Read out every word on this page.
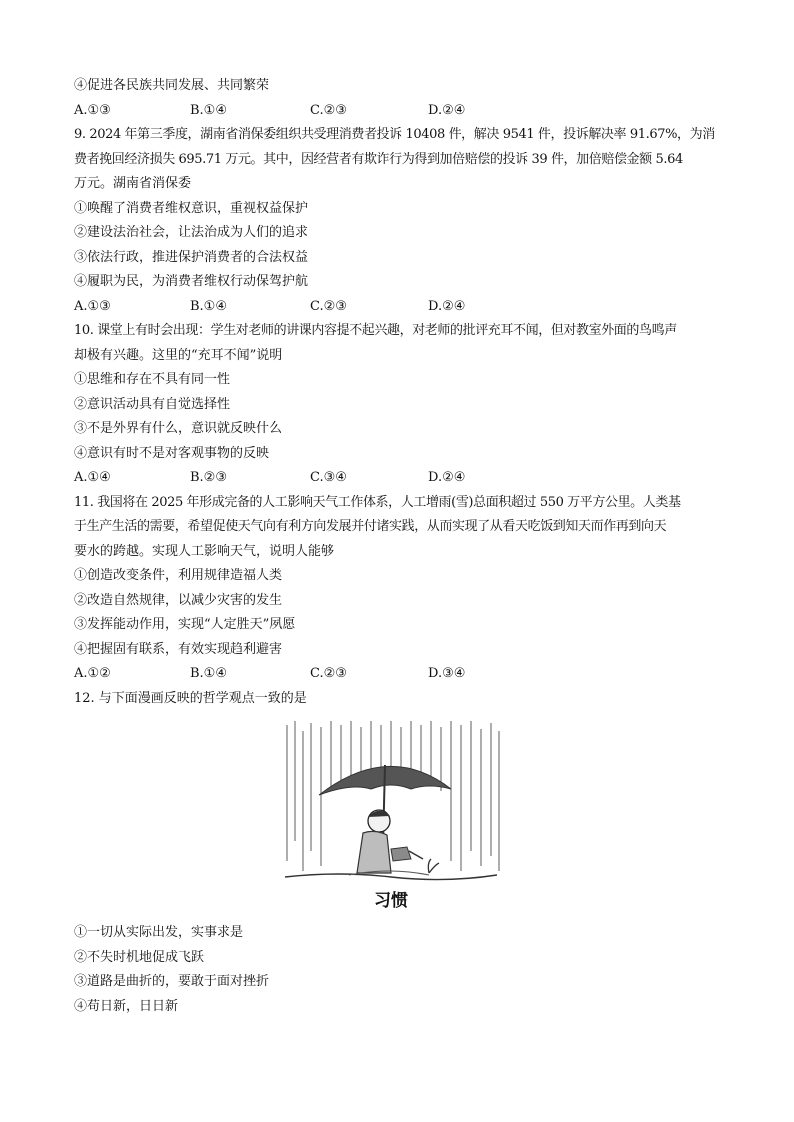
④促进各民族共同发展、共同繁荣
A.①③	B.①④	C.②③	D.②④
9. 2024 年第三季度，湖南省消保委组织共受理消费者投诉 10408 件，解决 9541 件，投诉解决率 91.67%，为消
费者挽回经济损失 695.71 万元。其中，因经营者有欺诈行为得到加倍赔偿的投诉 39 件，加倍赔偿金额 5.64
万元。湖南省消保委
①唤醒了消费者维权意识，重视权益保护
②建设法治社会，让法治成为人们的追求
③依法行政，推进保护消费者的合法权益
④履职为民，为消费者维权行动保驾护航
A.①③	B.①④	C.②③	D.②④
10. 课堂上有时会出现：学生对老师的讲课内容提不起兴趣，对老师的批评充耳不闻，但对教室外面的鸟鸣声
却极有兴趣。这里的“充耳不闻”说明
①思维和存在不具有同一性
②意识活动具有自觉选择性
③不是外界有什么，意识就反映什么
④意识有时不是对客观事物的反映
A.①④	B.②③	C.③④	D.②④
11. 我国将在 2025 年形成完备的人工影响天气工作体系，人工增雨(雪)总面积超过 550 万平方公里。人类基
于生产生活的需要，希望促使天气向有利方向发展并付诸实践，从而实现了从看天吃饭到知天而作再到向天
要水的跨越。实现人工影响天气，说明人能够
①创造改变条件，利用规律造福人类
②改造自然规律，以减少灾害的发生
③发挥能动作用，实现“人定胜天”夙愿
④把握固有联系，有效实现趋利避害
A.①②	B.①④	C.②③	D.③④
12. 与下面漫画反映的哲学观点一致的是
习惯
①一切从实际出发，实事求是
②不失时机地促成飞跃
③道路是曲折的，要敢于面对挫折
④苟日新，日日新
